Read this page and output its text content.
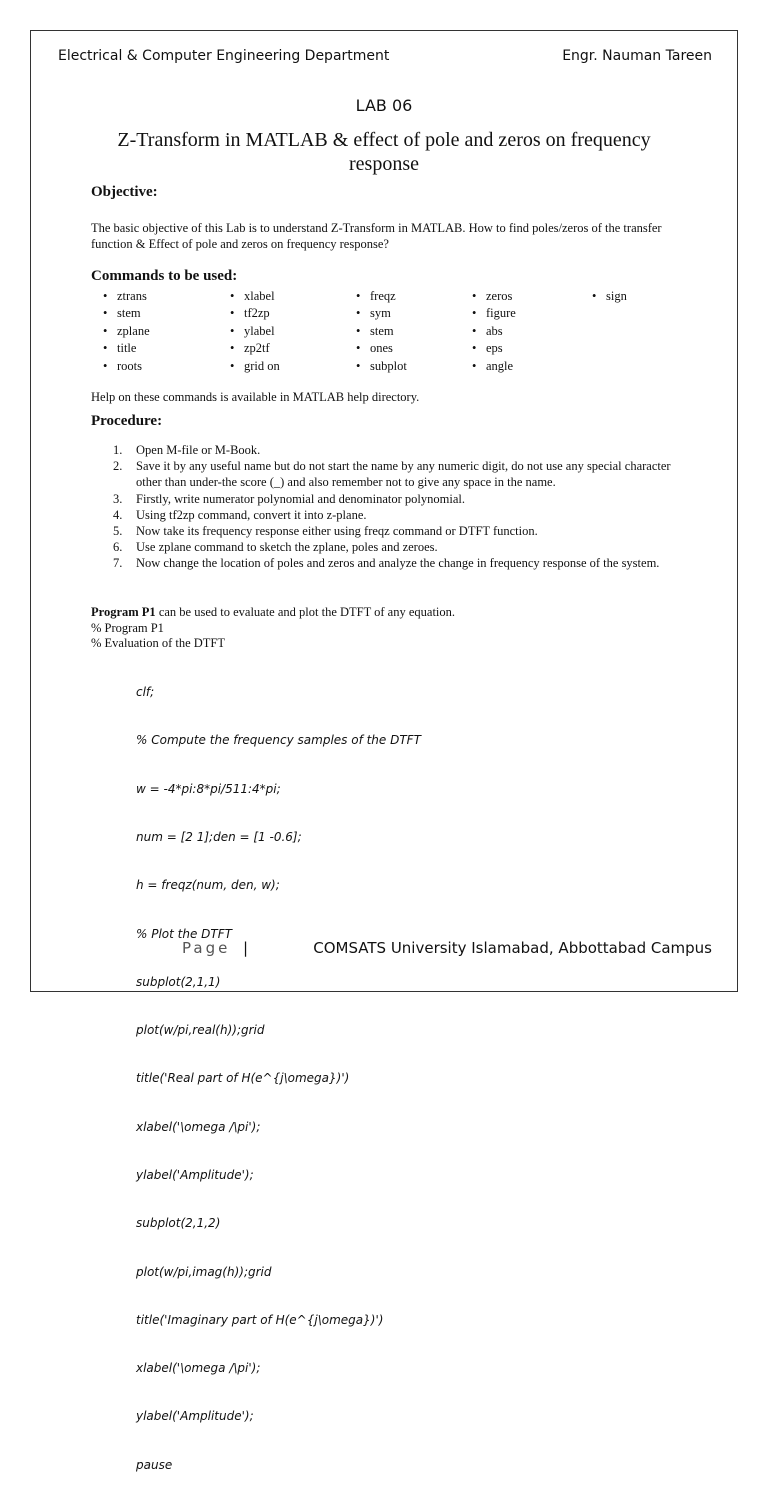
Electrical & Computer Engineering Department	Engr. Nauman Tareen
LAB 06
Z-Transform in MATLAB & effect of pole and zeros on frequency
response
Objective:
The basic objective of this Lab is to understand Z-Transform in MATLAB. How to find poles/zeros of the transfer function & Effect of pole and zeros on frequency response?
Commands to be used:
• ztrans
• stem
• zplane
• title
• roots
• xlabel
• tf2zp
• ylabel
• zp2tf
• grid on
• freqz
• sym
• stem
• ones
• subplot
• zeros
• figure
• abs
• eps
• angle
• sign
Help on these commands is available in MATLAB help directory.
Procedure:
1. Open M-file or M-Book.
2. Save it by any useful name but do not start the name by any numeric digit, do not use any special character other than under-the score (_) and also remember not to give any space in the name.
3. Firstly, write numerator polynomial and denominator polynomial.
4. Using tf2zp command, convert it into z-plane.
5. Now take its frequency response either using freqz command or DTFT function.
6. Use zplane command to sketch the zplane, poles and zeroes.
7. Now change the location of poles and zeros and analyze the change in frequency response of the system.
Program P1 can be used to evaluate and plot the DTFT of any equation.
% Program P1
% Evaluation of the DTFT

clf;

% Compute the frequency samples of the DTFT

w = -4*pi:8*pi/511:4*pi;

num = [2 1];den = [1 -0.6];

h = freqz(num, den, w);

% Plot the DTFT

subplot(2,1,1)

plot(w/pi,real(h));grid

title('Real part of H(e^{j\omega})')

xlabel('\omega /\pi');

ylabel('Amplitude');

subplot(2,1,2)

plot(w/pi,imag(h));grid

title('Imaginary part of H(e^{j\omega})')

xlabel('\omega /\pi');

ylabel('Amplitude');

pause

Page |	COMSATS University Islamabad, Abbottabad Campus
